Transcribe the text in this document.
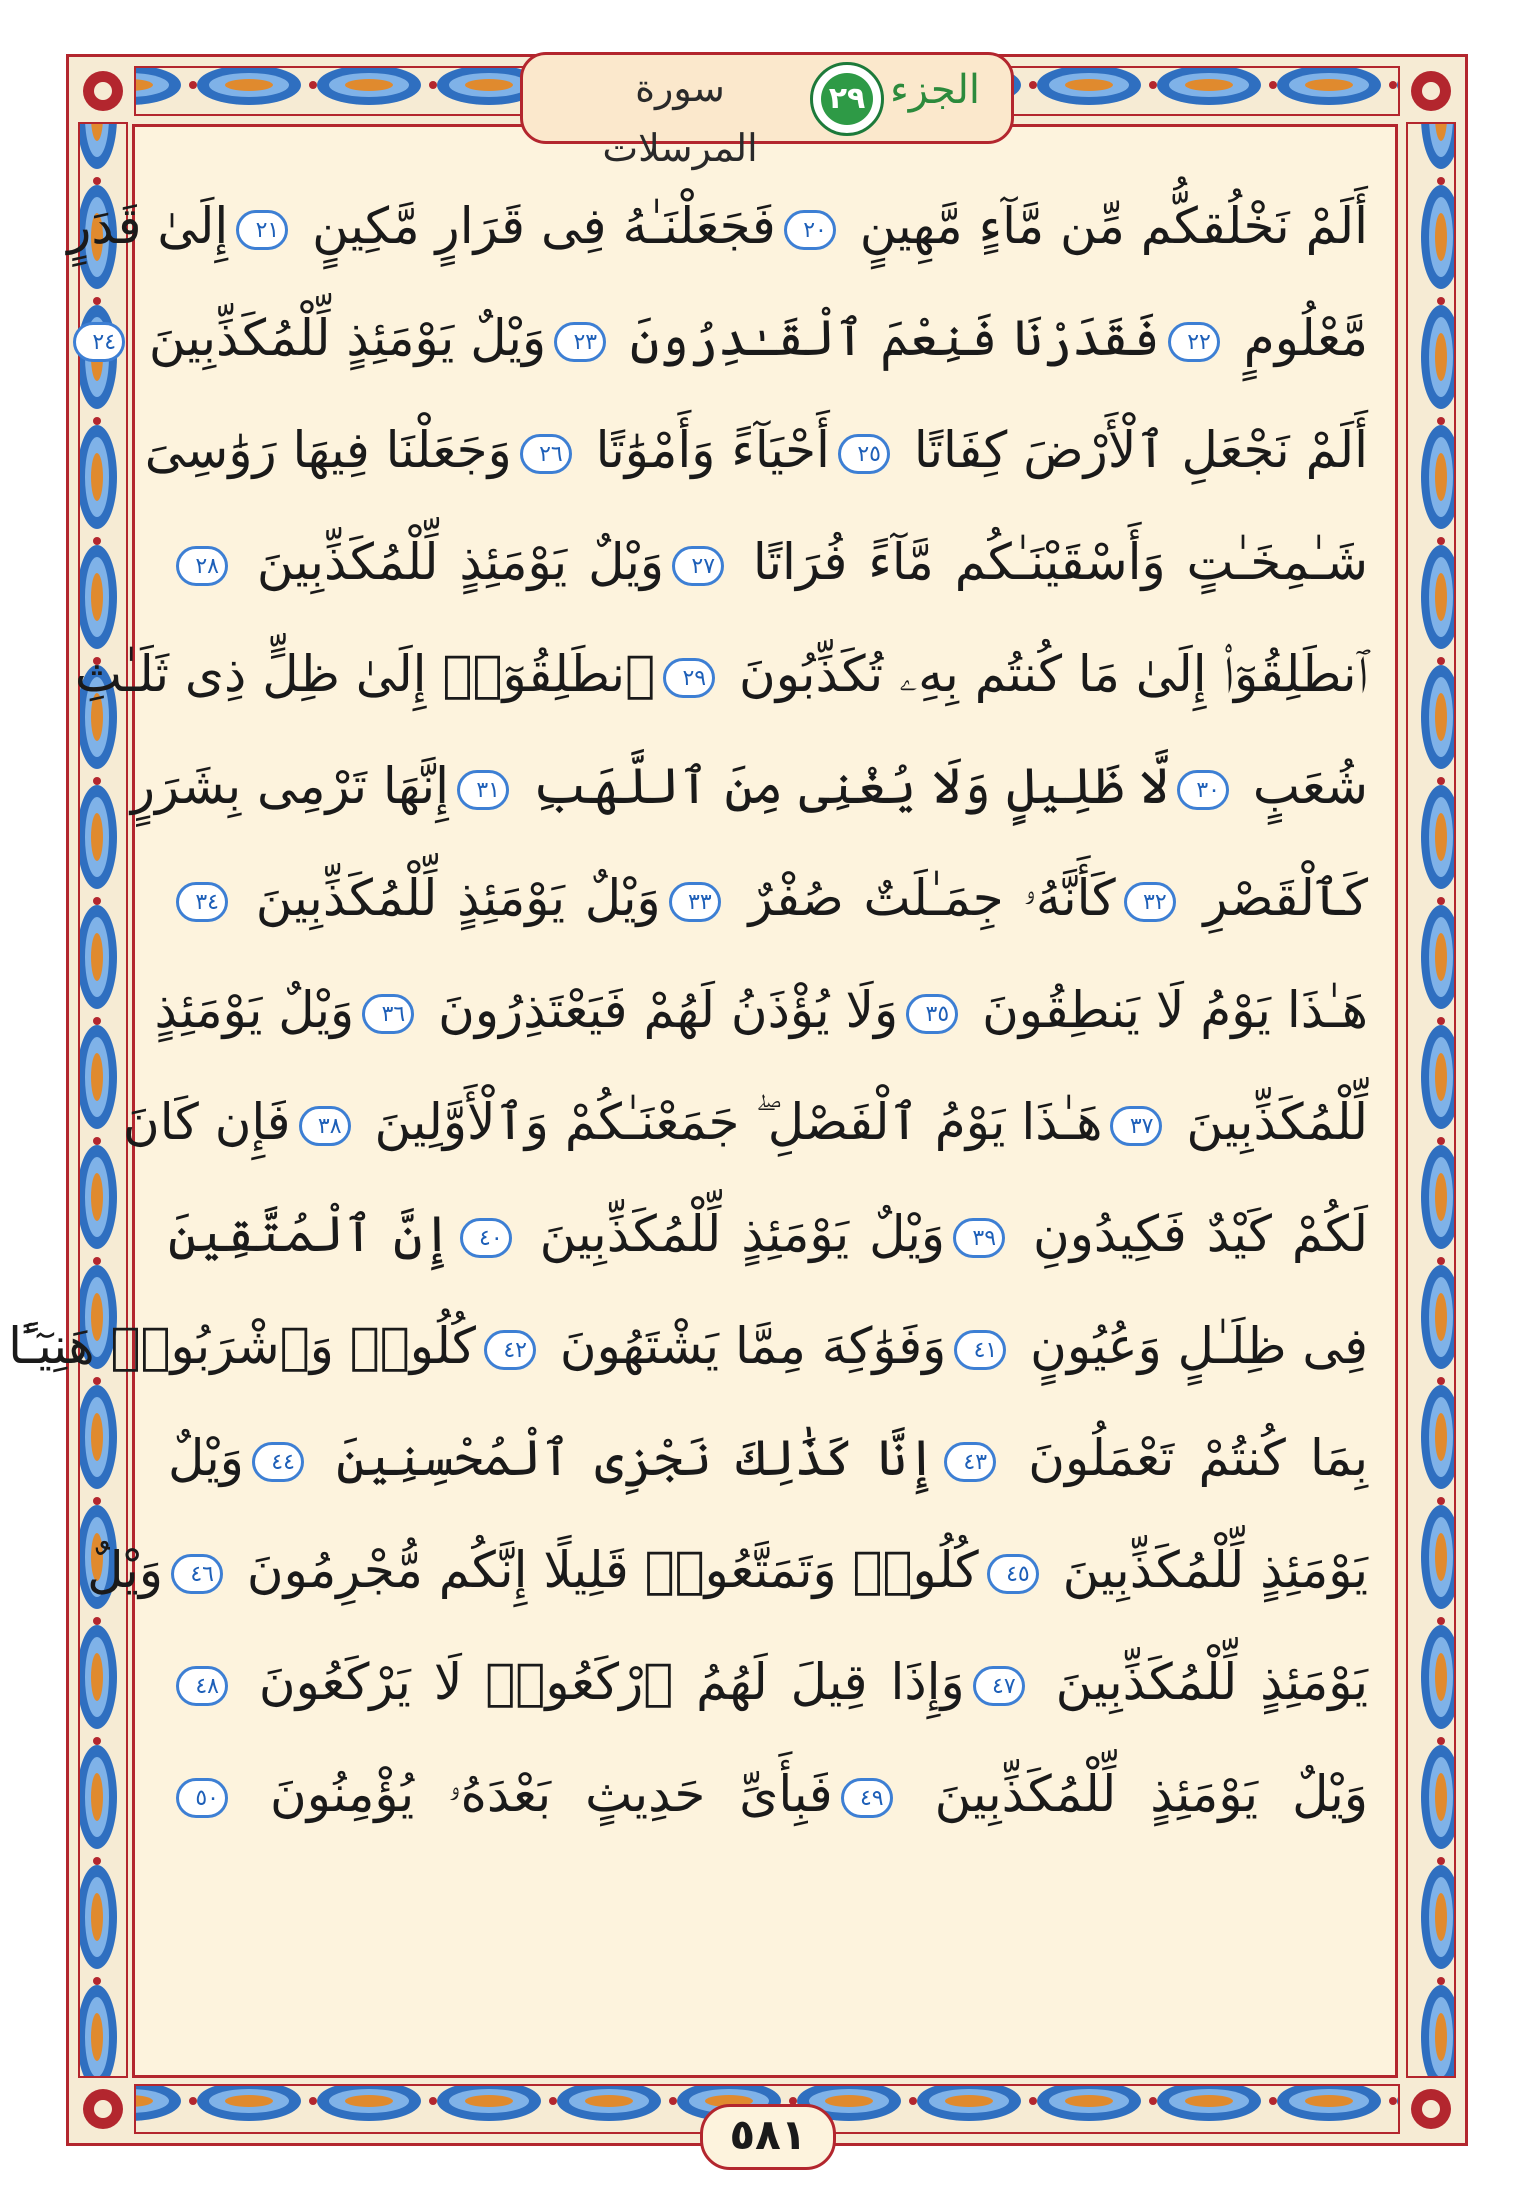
الجزء
٢٩
سورة المرسلات
أَلَمْ نَخْلُقكُّم مِّن مَّآءٍ مَّهِينٍ ٢٠فَجَعَلْنَـٰهُ فِى قَرَارٍ مَّكِينٍ ٢١إِلَىٰ قَدَرٍ
مَّعْلُومٍ ٢٢فَقَدَرْنَا فَنِعْمَ ٱلْقَـٰدِرُونَ ٢٣وَيْلٌ يَوْمَئِذٍ لِّلْمُكَذِّبِينَ ٢٤
أَلَمْ نَجْعَلِ ٱلْأَرْضَ كِفَاتًا ٢٥أَحْيَآءً وَأَمْوَٰتًا ٢٦وَجَعَلْنَا فِيهَا رَوَٰسِىَ
شَـٰمِخَـٰتٍ وَأَسْقَيْنَـٰكُم مَّآءً فُرَاتًا ٢٧وَيْلٌ يَوْمَئِذٍ لِّلْمُكَذِّبِينَ ٢٨
ٱنطَلِقُوٓا۟ إِلَىٰ مَا كُنتُم بِهِۦ تُكَذِّبُونَ ٢٩ٱنطَلِقُوٓا۟ إِلَىٰ ظِلٍّ ذِى ثَلَـٰثِ
شُعَبٍ ٣٠لَّا ظَلِيلٍ وَلَا يُغْنِى مِنَ ٱللَّهَبِ ٣١إِنَّهَا تَرْمِى بِشَرَرٍ
كَٱلْقَصْرِ ٣٢كَأَنَّهُۥ جِمَـٰلَتٌ صُفْرٌ ٣٣وَيْلٌ يَوْمَئِذٍ لِّلْمُكَذِّبِينَ ٣٤
هَـٰذَا يَوْمُ لَا يَنطِقُونَ ٣٥وَلَا يُؤْذَنُ لَهُمْ فَيَعْتَذِرُونَ ٣٦وَيْلٌ يَوْمَئِذٍ
لِّلْمُكَذِّبِينَ ٣٧هَـٰذَا يَوْمُ ٱلْفَصْلِ ۖ جَمَعْنَـٰكُمْ وَٱلْأَوَّلِينَ ٣٨فَإِن كَانَ
لَكُمْ كَيْدٌ فَكِيدُونِ ٣٩وَيْلٌ يَوْمَئِذٍ لِّلْمُكَذِّبِينَ ٤٠إِنَّ ٱلْمُتَّقِينَ
فِى ظِلَـٰلٍ وَعُيُونٍ ٤١وَفَوَٰكِهَ مِمَّا يَشْتَهُونَ ٤٢كُلُوا۟ وَٱشْرَبُوا۟ هَنِيٓـًٔا
بِمَا كُنتُمْ تَعْمَلُونَ ٤٣إِنَّا كَذَٰلِكَ نَجْزِى ٱلْمُحْسِنِينَ ٤٤وَيْلٌ
يَوْمَئِذٍ لِّلْمُكَذِّبِينَ ٤٥كُلُوا۟ وَتَمَتَّعُوا۟ قَلِيلًا إِنَّكُم مُّجْرِمُونَ ٤٦وَيْلٌ
يَوْمَئِذٍ لِّلْمُكَذِّبِينَ ٤٧وَإِذَا قِيلَ لَهُمُ ٱرْكَعُوا۟ لَا يَرْكَعُونَ ٤٨
وَيْلٌ يَوْمَئِذٍ لِّلْمُكَذِّبِينَ ٤٩فَبِأَىِّ حَدِيثٍ بَعْدَهُۥ يُؤْمِنُونَ ٥٠
٥٨١
